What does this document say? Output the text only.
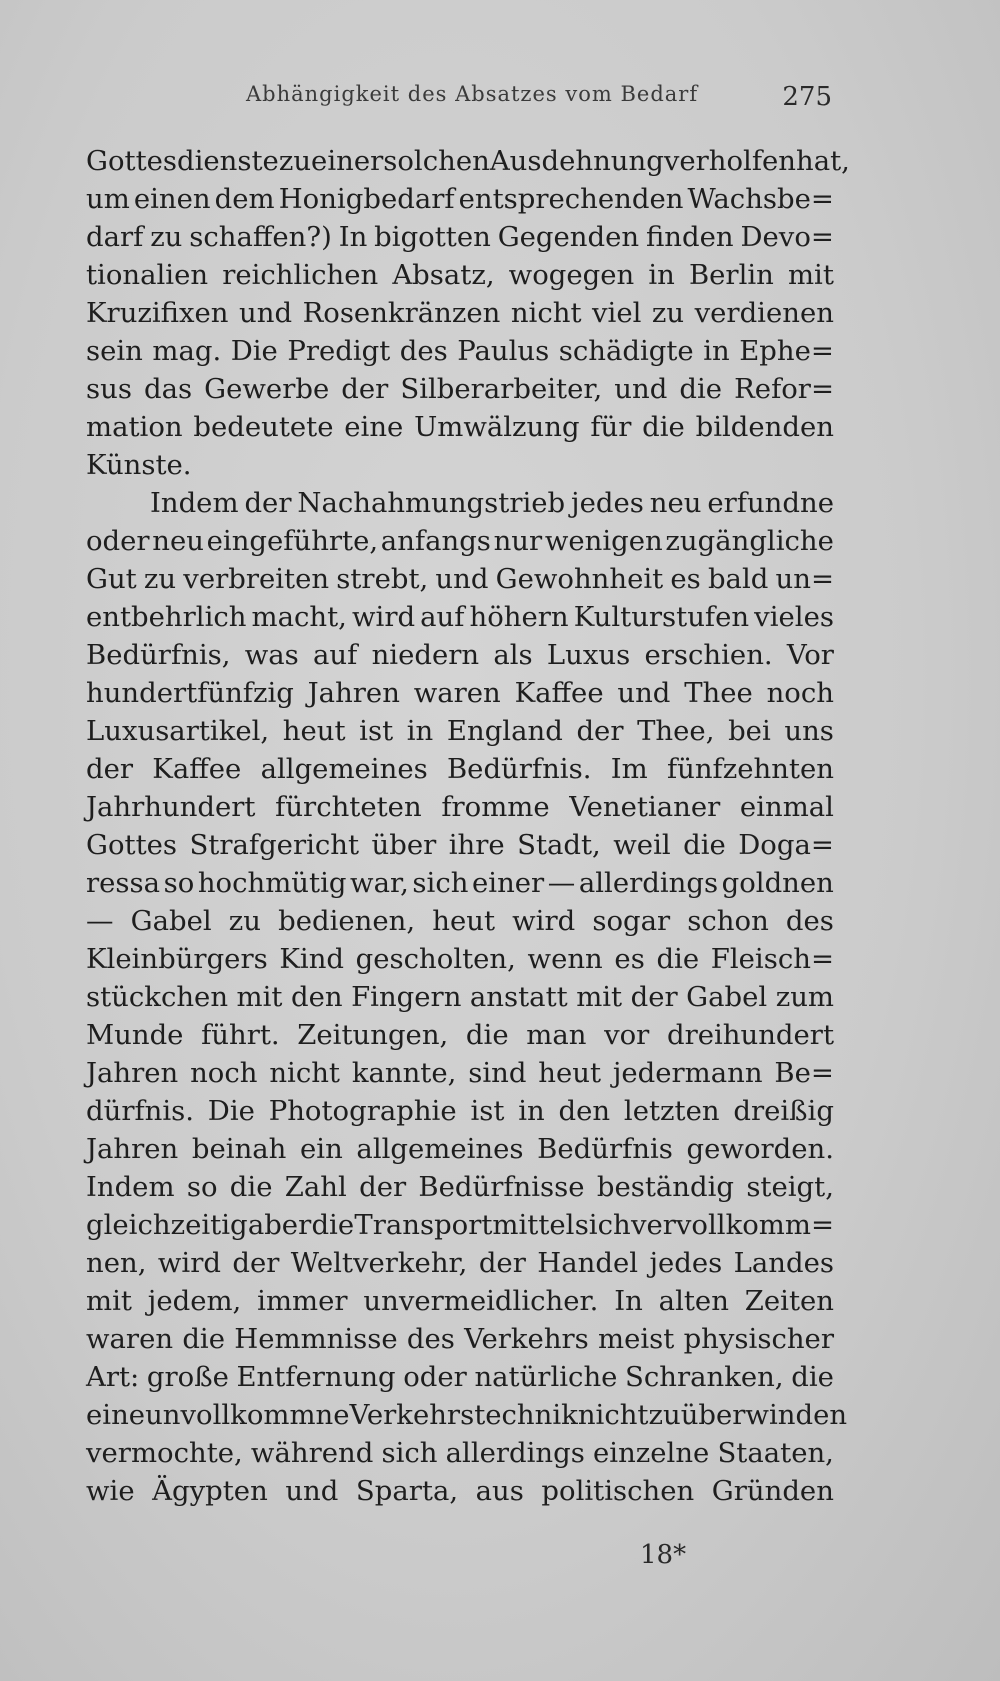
Abhängigkeit des Absatzes vom Bedarf	275
Gottesdienste zu einer solchen Ausdehnung verholfen hat,
um einen dem Honigbedarf entsprechenden Wachsbe=
darf zu schaffen?) In bigotten Gegenden finden Devo=
tionalien reichlichen Absatz, wogegen in Berlin mit
Kruzifixen und Rosenkränzen nicht viel zu verdienen
sein mag. Die Predigt des Paulus schädigte in Ephe=
sus das Gewerbe der Silberarbeiter, und die Refor=
mation bedeutete eine Umwälzung für die bildenden
Künste.
Indem der Nachahmungstrieb jedes neu erfundne
oder neu eingeführte, anfangs nur wenigen zugängliche
Gut zu verbreiten strebt, und Gewohnheit es bald un=
entbehrlich macht, wird auf höhern Kulturstufen vieles
Bedürfnis, was auf niedern als Luxus erschien. Vor
hundertfünfzig Jahren waren Kaffee und Thee noch
Luxusartikel, heut ist in England der Thee, bei uns
der Kaffee allgemeines Bedürfnis. Im fünfzehnten
Jahrhundert fürchteten fromme Venetianer einmal
Gottes Strafgericht über ihre Stadt, weil die Doga=
ressa so hochmütig war, sich einer — allerdings goldnen
— Gabel zu bedienen, heut wird sogar schon des
Kleinbürgers Kind gescholten, wenn es die Fleisch=
stückchen mit den Fingern anstatt mit der Gabel zum
Munde führt. Zeitungen, die man vor dreihundert
Jahren noch nicht kannte, sind heut jedermann Be=
dürfnis. Die Photographie ist in den letzten dreißig
Jahren beinah ein allgemeines Bedürfnis geworden.
Indem so die Zahl der Bedürfnisse beständig steigt,
gleichzeitig aber die Transportmittel sich vervollkomm=
nen, wird der Weltverkehr, der Handel jedes Landes
mit jedem, immer unvermeidlicher. In alten Zeiten
waren die Hemmnisse des Verkehrs meist physischer
Art: große Entfernung oder natürliche Schranken, die
eine unvollkommne Verkehrstechnik nicht zu überwinden
vermochte, während sich allerdings einzelne Staaten,
wie Ägypten und Sparta, aus politischen Gründen
18*
